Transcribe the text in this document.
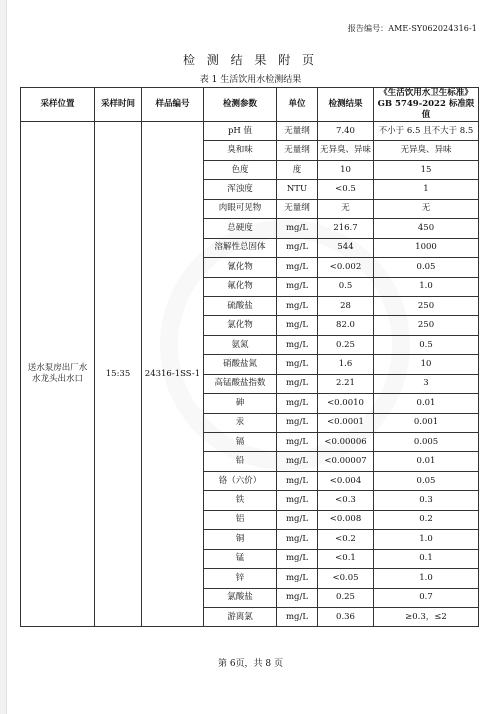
报告编号：AME-SY062024316-1
检 测 结 果 附 页
表 1 生活饮用水检测结果
采样位置	采样时间	样品编号	检测参数	单位	检测结果	《生活饮用水卫生标准》
GB 5749-2022 标准限值

送水泵房出厂水水龙头出水口	15:35	24316-1SS-1	pH 值	无量纲	7.40	不小于 6.5 且不大于 8.5
			臭和味	无量纲	无异臭、异味	无异臭、异味
			色度	度	10	15
			浑浊度	NTU	<0.5	1
			肉眼可见物	无量纲	无	无
			总硬度	mg/L	216.7	450
			溶解性总固体	mg/L	544	1000
			氰化物	mg/L	<0.002	0.05
			氟化物	mg/L	0.5	1.0
			硫酸盐	mg/L	28	250
			氯化物	mg/L	82.0	250
			氨氮	mg/L	0.25	0.5
			硝酸盐氮	mg/L	1.6	10
			高锰酸盐指数	mg/L	2.21	3
			砷	mg/L	<0.0010	0.01
			汞	mg/L	<0.0001	0.001
			镉	mg/L	<0.00006	0.005
			铅	mg/L	<0.00007	0.01
			铬（六价）	mg/L	<0.004	0.05
			铁	mg/L	<0.3	0.3
			铝	mg/L	<0.008	0.2
			铜	mg/L	<0.2	1.0
			锰	mg/L	<0.1	0.1
			锌	mg/L	<0.05	1.0
			氯酸盐	mg/L	0.25	0.7
			游离氯	mg/L	0.36	≥0.3，≤2
第 6页，共 8 页
